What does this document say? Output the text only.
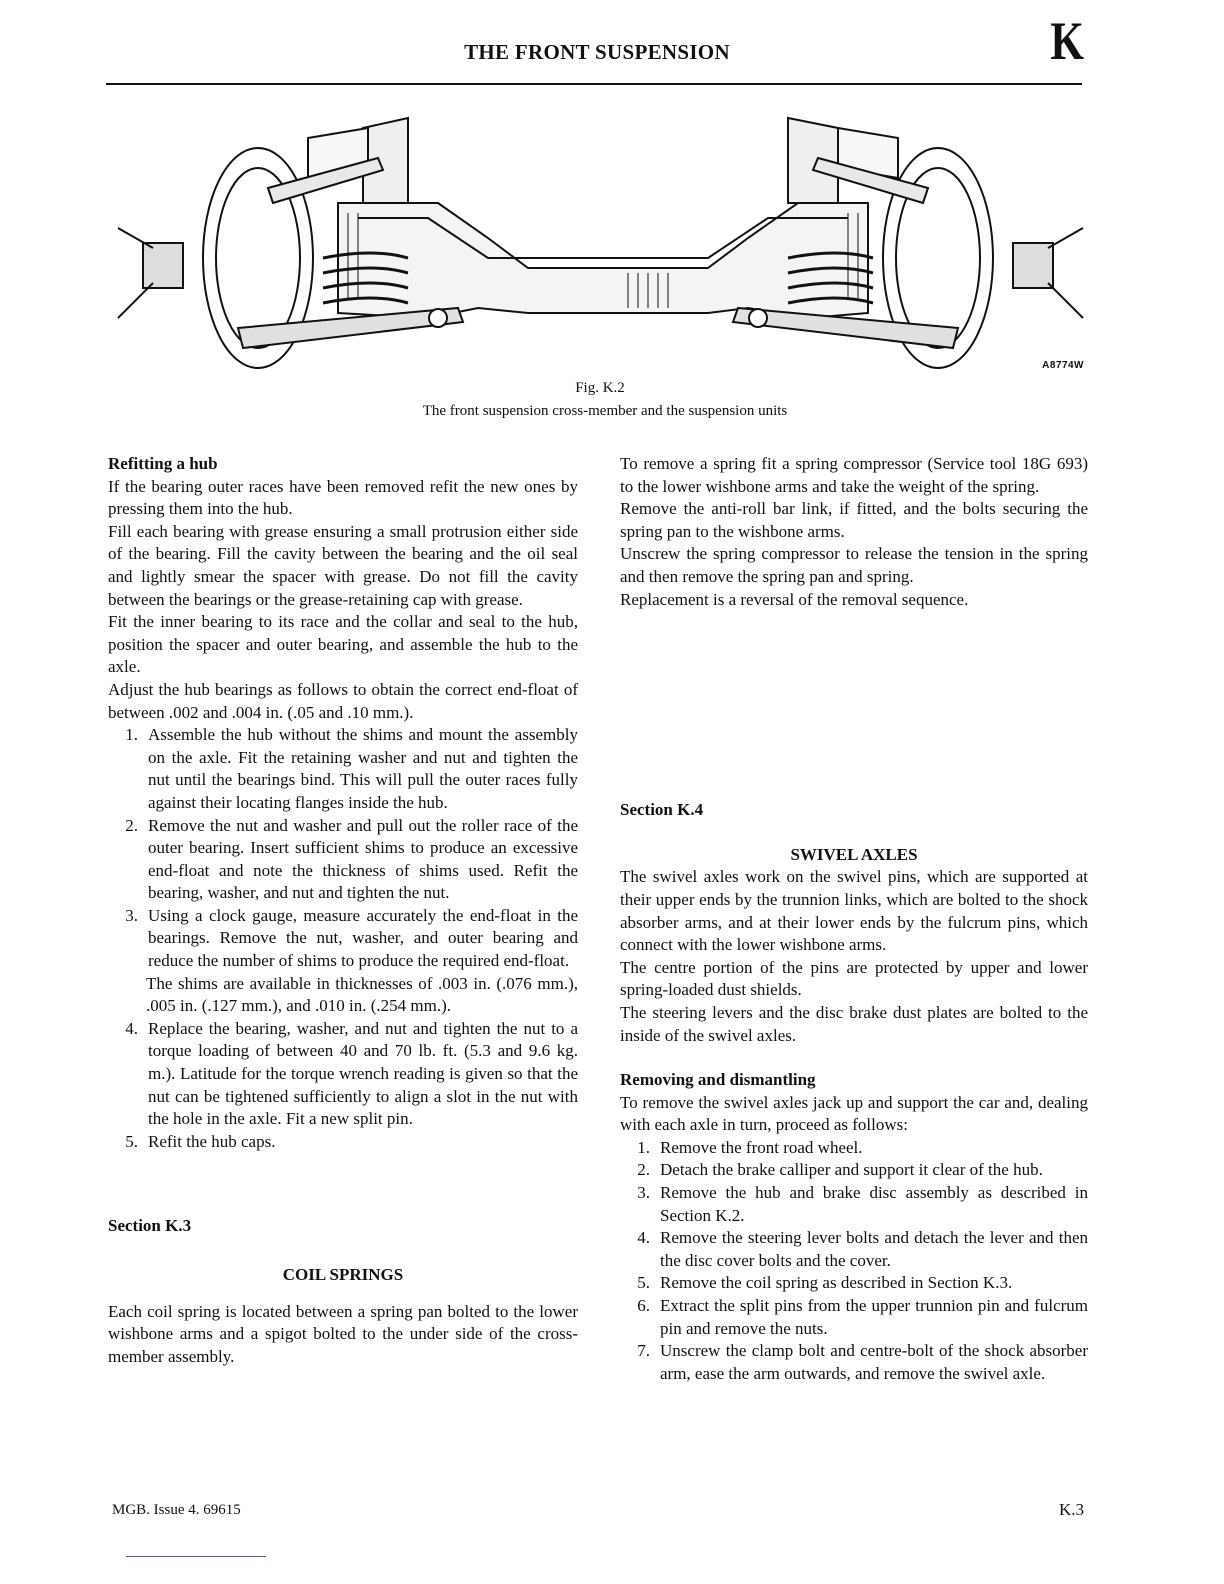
THE FRONT SUSPENSION	K
A8774W
Fig. K.2
The front suspension cross-member and the suspension units

Refitting a hub

If the bearing outer races have been removed refit the new ones by pressing them into the hub.

Fill each bearing with grease ensuring a small protrusion either side of the bearing. Fill the cavity between the bearing and the oil seal and lightly smear the spacer with grease. Do not fill the cavity between the bearings or the grease-retaining cap with grease.

Fit the inner bearing to its race and the collar and seal to the hub, position the spacer and outer bearing, and assemble the hub to the axle.

Adjust the hub bearings as follows to obtain the correct end-float of between .002 and .004 in. (.05 and .10 mm.).

1. Assemble the hub without the shims and mount the assembly on the axle. Fit the retaining washer and nut and tighten the nut until the bearings bind. This will pull the outer races fully against their locating flanges inside the hub.
2. Remove the nut and washer and pull out the roller race of the outer bearing. Insert sufficient shims to produce an excessive end-float and note the thickness of shims used. Refit the bearing, washer, and nut and tighten the nut.
3. Using a clock gauge, measure accurately the end-float in the bearings. Remove the nut, washer, and outer bearing and reduce the number of shims to produce the required end-float.

The shims are available in thicknesses of .003 in. (.076 mm.), .005 in. (.127 mm.), and .010 in. (.254 mm.).

4. Replace the bearing, washer, and nut and tighten the nut to a torque loading of between 40 and 70 lb. ft. (5.3 and 9.6 kg. m.). Latitude for the torque wrench reading is given so that the nut can be tightened sufficiently to align a slot in the nut with the hole in the axle. Fit a new split pin.
5. Refit the hub caps.

Section K.3

COIL SPRINGS

Each coil spring is located between a spring pan bolted to the lower wishbone arms and a spigot bolted to the under side of the cross-member assembly.

To remove a spring fit a spring compressor (Service tool 18G 693) to the lower wishbone arms and take the weight of the spring.

Remove the anti-roll bar link, if fitted, and the bolts securing the spring pan to the wishbone arms.

Unscrew the spring compressor to release the tension in the spring and then remove the spring pan and spring.

Replacement is a reversal of the removal sequence.

Section K.4

SWIVEL AXLES

The swivel axles work on the swivel pins, which are supported at their upper ends by the trunnion links, which are bolted to the shock absorber arms, and at their lower ends by the fulcrum pins, which connect with the lower wishbone arms.

The centre portion of the pins are protected by upper and lower spring-loaded dust shields.

The steering levers and the disc brake dust plates are bolted to the inside of the swivel axles.

Removing and dismantling

To remove the swivel axles jack up and support the car and, dealing with each axle in turn, proceed as follows:

1. Remove the front road wheel.
2. Detach the brake calliper and support it clear of the hub.
3. Remove the hub and brake disc assembly as described in Section K.2.
4. Remove the steering lever bolts and detach the lever and then the disc cover bolts and the cover.
5. Remove the coil spring as described in Section K.3.
6. Extract the split pins from the upper trunnion pin and fulcrum pin and remove the nuts.
7. Unscrew the clamp bolt and centre-bolt of the shock absorber arm, ease the arm outwards, and remove the swivel axle.
MGB. Issue 4. 69615	K.3
